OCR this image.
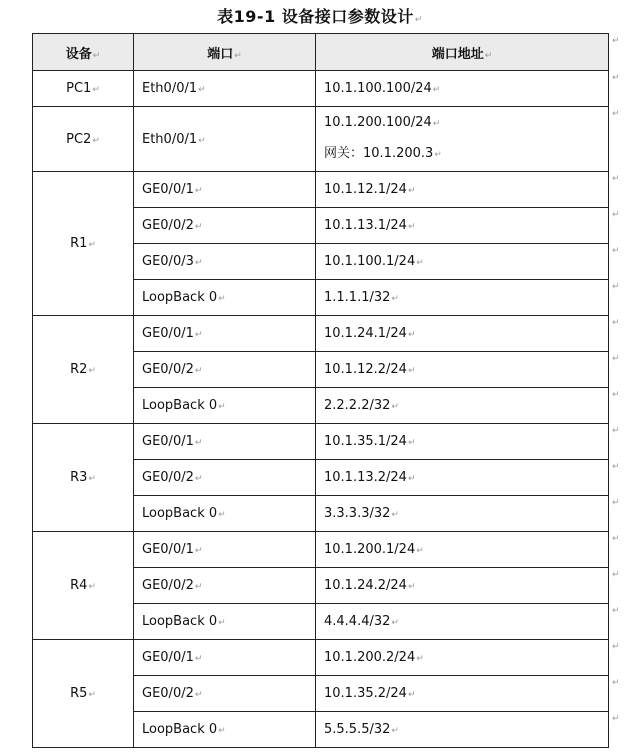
表19-1 设备接口参数设计↵
设备↵	端口↵	端口地址↵
PC1↵	Eth0/0/1↵	10.1.100.100/24↵
PC2↵	Eth0/0/1↵	10.1.200.100/24↵
网关：10.1.200.3↵

R1↵	GE0/0/1↵	10.1.12.1/24↵
	GE0/0/2↵	10.1.13.1/24↵
	GE0/0/3↵	10.1.100.1/24↵
	LoopBack 0↵	1.1.1.1/32↵
R2↵	GE0/0/1↵	10.1.24.1/24↵
	GE0/0/2↵	10.1.12.2/24↵
	LoopBack 0↵	2.2.2.2/32↵
R3↵	GE0/0/1↵	10.1.35.1/24↵
	GE0/0/2↵	10.1.13.2/24↵
	LoopBack 0↵	3.3.3.3/32↵
R4↵	GE0/0/1↵	10.1.200.1/24↵
	GE0/0/2↵	10.1.24.2/24↵
	LoopBack 0↵	4.4.4.4/32↵
R5↵	GE0/0/1↵	10.1.200.2/24↵
	GE0/0/2↵	10.1.35.2/24↵
	LoopBack 0↵	5.5.5.5/32↵
↵
↵
↵
↵
↵
↵
↵
↵
↵
↵
↵
↵
↵
↵
↵
↵
↵
↵
↵
